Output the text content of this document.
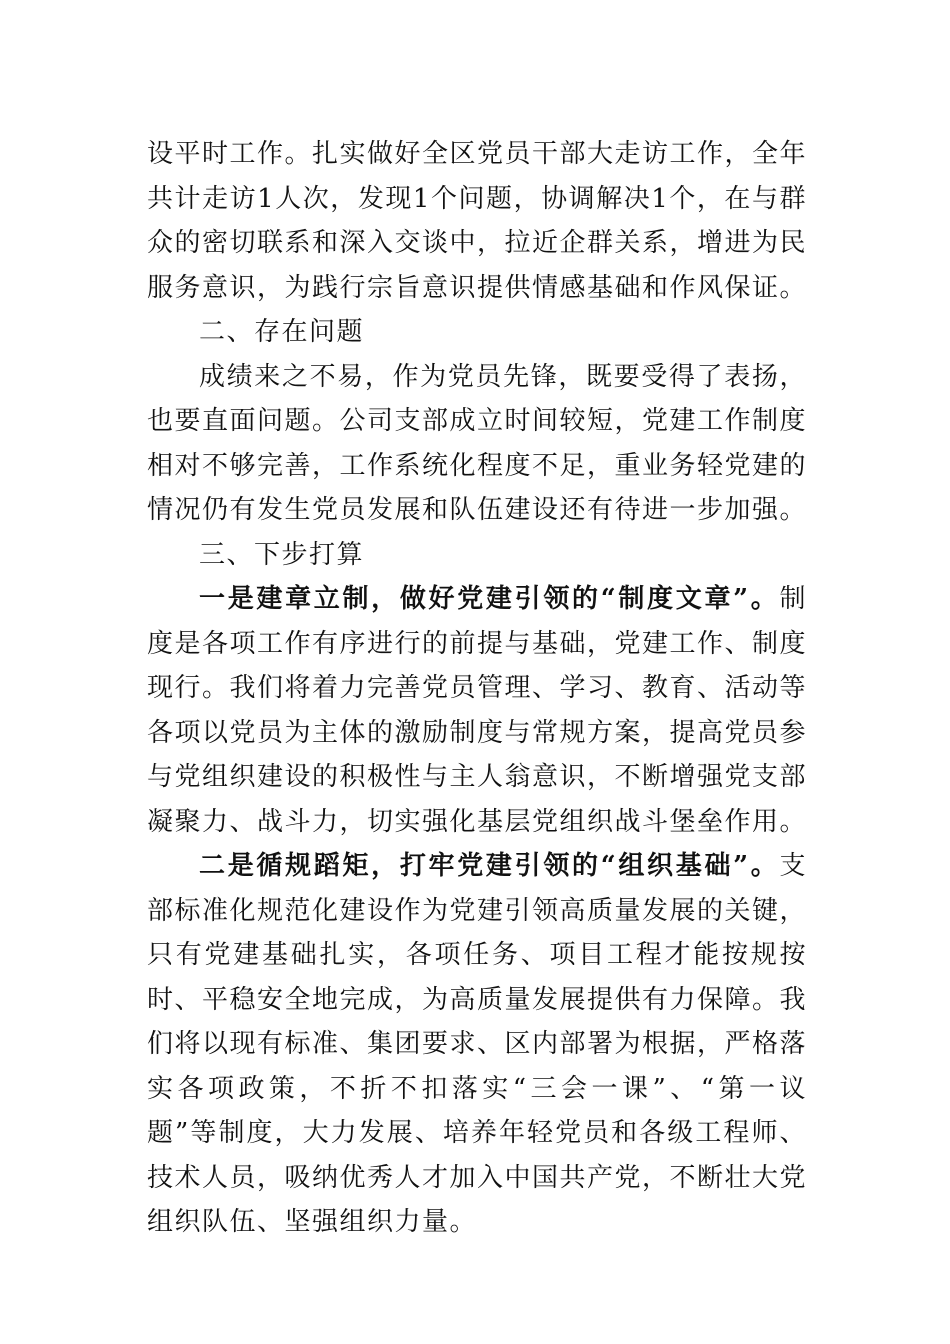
设平时工作。扎实做好全区党员干部大走访工作，全年共计走访1人次，发现1个问题，协调解决1个，在与群众的密切联系和深入交谈中，拉近企群关系，增进为民服务意识，为践行宗旨意识提供情感基础和作风保证。

二、存在问题

成绩来之不易，作为党员先锋，既要受得了表扬，也要直面问题。公司支部成立时间较短，党建工作制度相对不够完善，工作系统化程度不足，重业务轻党建的情况仍有发生党员发展和队伍建设还有待进一步加强。

三、下步打算

一是建章立制，做好党建引领的“制度文章”。制度是各项工作有序进行的前提与基础，党建工作、制度现行。我们将着力完善党员管理、学习、教育、活动等各项以党员为主体的激励制度与常规方案，提高党员参与党组织建设的积极性与主人翁意识，不断增强党支部凝聚力、战斗力，切实强化基层党组织战斗堡垒作用。

二是循规蹈矩，打牢党建引领的“组织基础”。支部标准化规范化建设作为党建引领高质量发展的关键，只有党建基础扎实，各项任务、项目工程才能按规按时、平稳安全地完成，为高质量发展提供有力保障。我们将以现有标准、集团要求、区内部署为根据，严格落实各项政策，不折不扣落实“三会一课”、“第一议题”等制度，大力发展、培养年轻党员和各级工程师、技术人员，吸纳优秀人才加入中国共产党，不断壮大党组织队伍、坚强组织力量。
